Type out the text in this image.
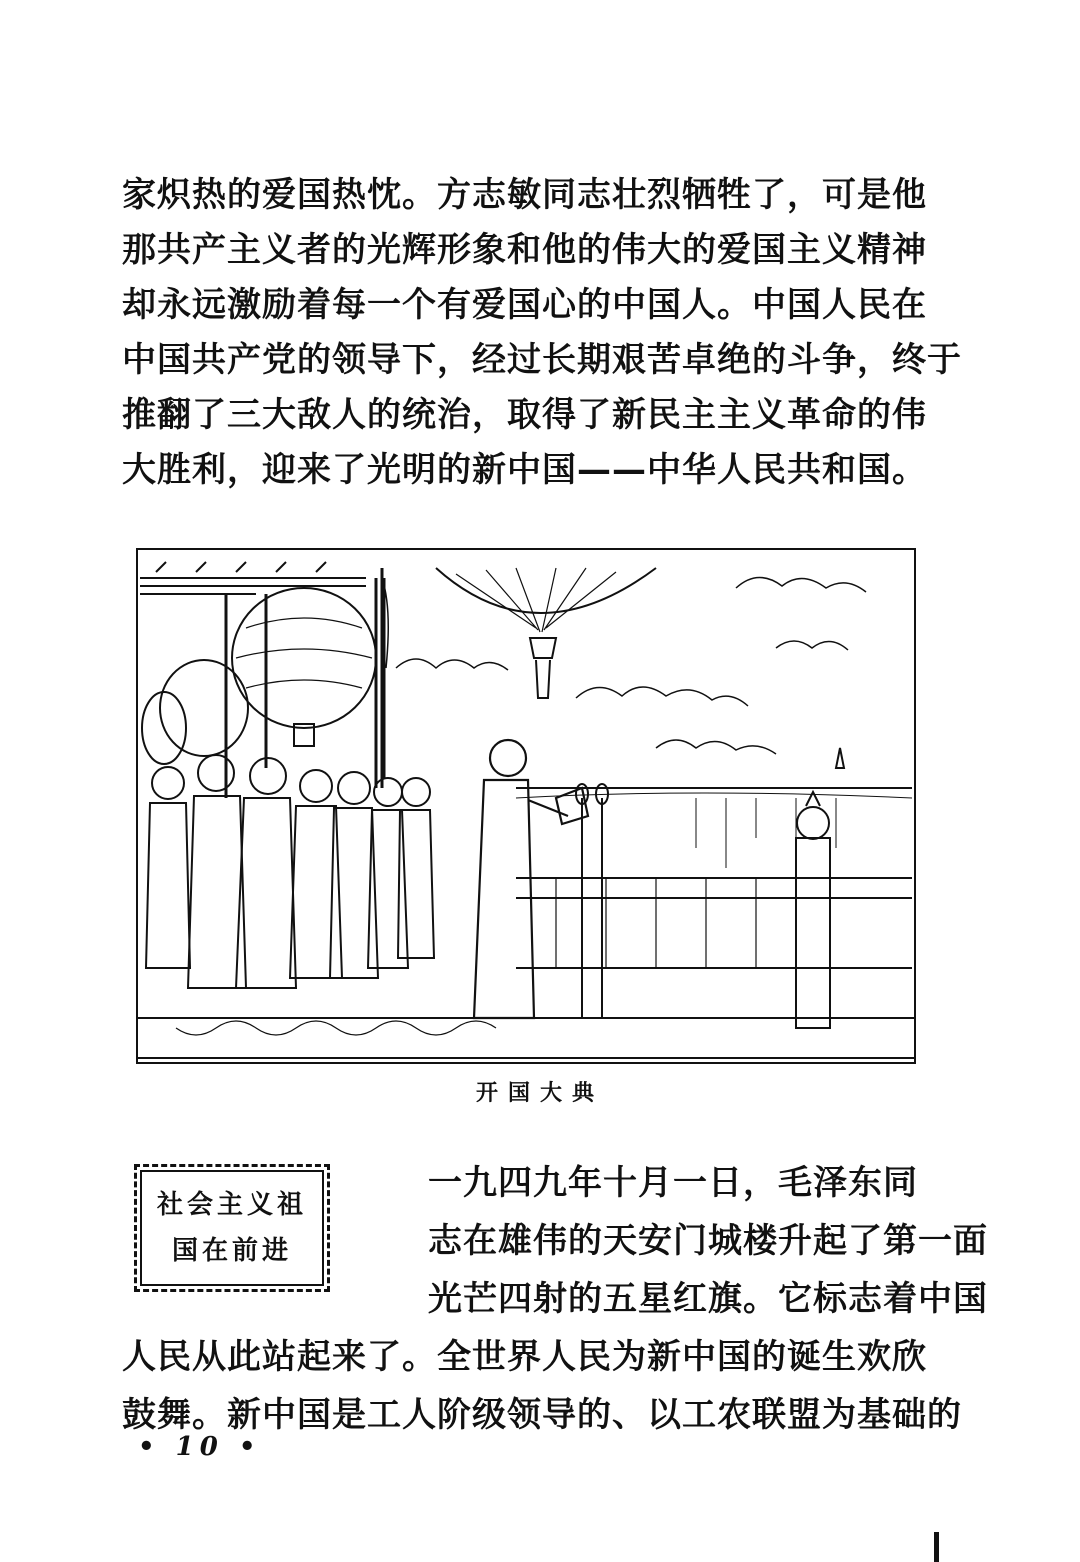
家炽热的爱国热忱。方志敏同志壮烈牺牲了，可是他
那共产主义者的光辉形象和他的伟大的爱国主义精神
却永远激励着每一个有爱国心的中国人。中国人民在
中国共产党的领导下，经过长期艰苦卓绝的斗争，终于
推翻了三大敌人的统治，取得了新民主主义革命的伟
大胜利，迎来了光明的新中国——中华人民共和国。
开国大典
社会主义祖
国在前进
一九四九年十月一日，毛泽东同
志在雄伟的天安门城楼升起了第一面
光芒四射的五星红旗。它标志着中国
人民从此站起来了。全世界人民为新中国的诞生欢欣
鼓舞。新中国是工人阶级领导的、以工农联盟为基础的
• 10 •
